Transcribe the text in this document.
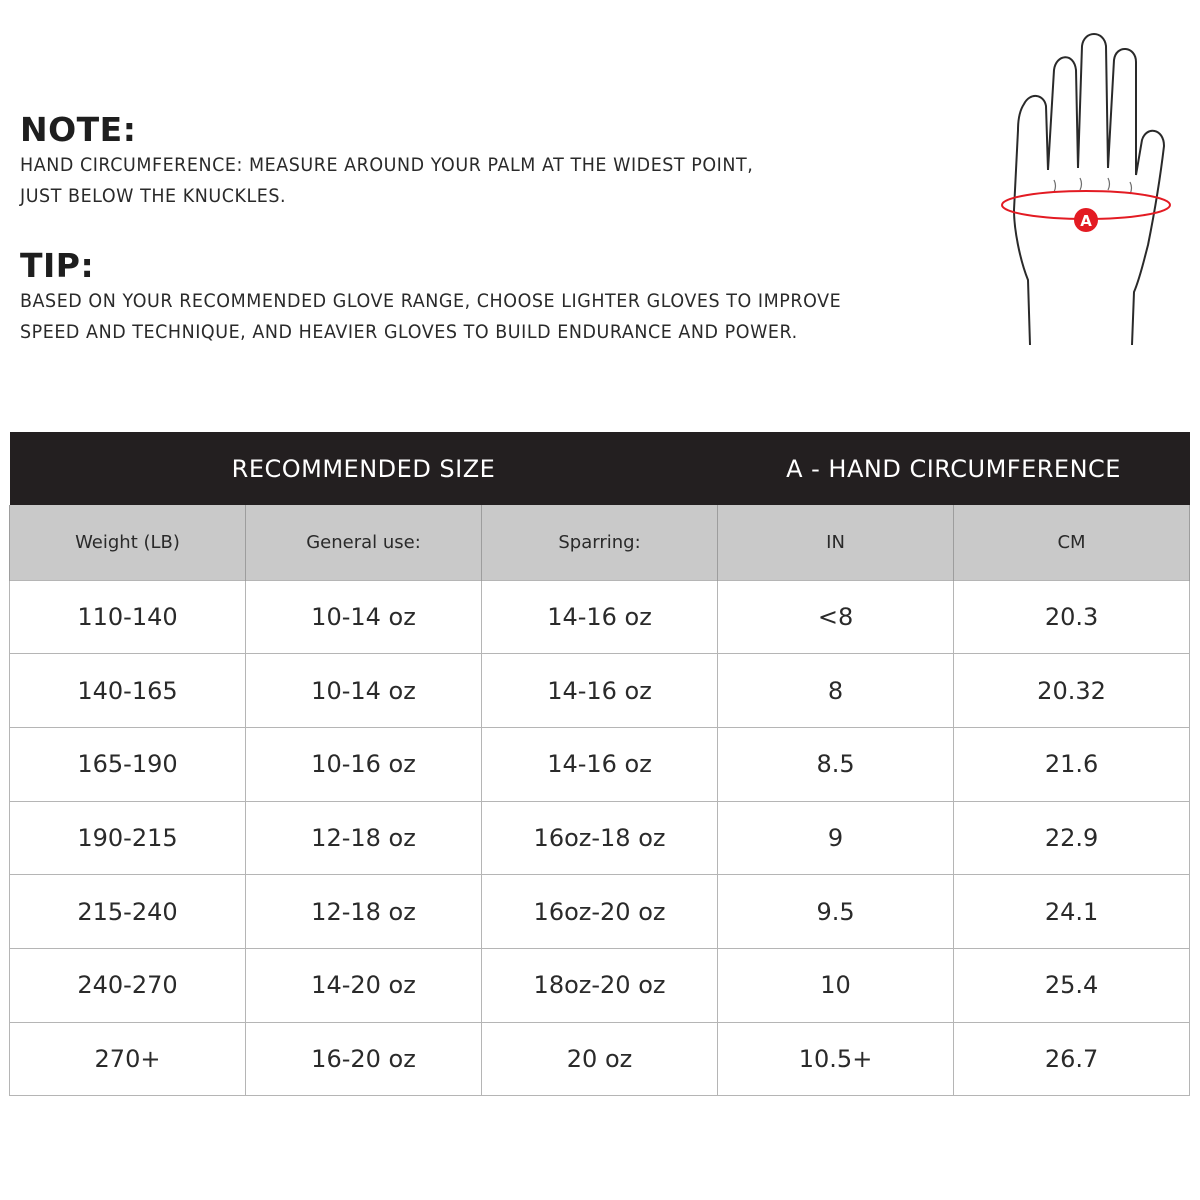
NOTE:
HAND CIRCUMFERENCE: MEASURE AROUND YOUR PALM AT THE WIDEST POINT,
JUST BELOW THE KNUCKLES.
TIP:
BASED ON YOUR RECOMMENDED GLOVE RANGE, CHOOSE LIGHTER GLOVES TO IMPROVE
SPEED AND TECHNIQUE, AND HEAVIER GLOVES TO BUILD ENDURANCE AND POWER.
A
RECOMMENDED SIZE			A - HAND CIRCUMFERENCE	
Weight (LB)	General use:	Sparring:	IN	CM
110-140	10-14 oz	14-16 oz	<8	20.3
140-165	10-14 oz	14-16 oz	8	20.32
165-190	10-16 oz	14-16 oz	8.5	21.6
190-215	12-18 oz	16oz-18 oz	9	22.9
215-240	12-18 oz	16oz-20 oz	9.5	24.1
240-270	14-20 oz	18oz-20 oz	10	25.4
270+	16-20 oz	20 oz	10.5+	26.7
